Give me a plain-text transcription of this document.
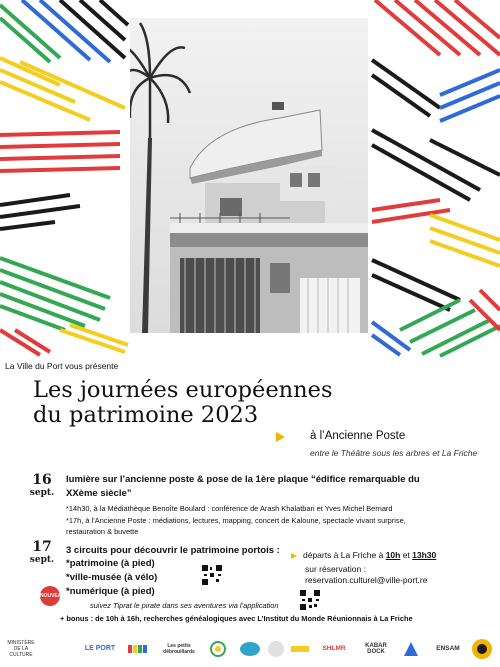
La Ville du Port vous présente
Les journées européennes
du patrimoine 2023
à l’Ancienne Poste
entre le Théâtre sous les arbres et La Friche
16
sept.
lumière sur l’ancienne poste & pose de la 1ère plaque “édifice remarquable du
XXème siècle”
*14h30, à la Médiathèque Benoîte Boulard : conférence de Arash Khalatbari et Yves Michel Bernard
*17h, à l’Ancienne Poste : médiations, lectures, mapping, concert de Kaloune, spectacle vivant surprise,
restauration & buvette
17
sept.
3 circuits pour découvrir le patrimoine portois :
*patrimoine (à pied)
*ville-musée (à vélo)
*numérique (à pied)
suivez Tiprat le pirate dans ses aventures via l’application
+ bonus : de 10h à 16h, recherches généalogiques avec L’Institut du Monde Réunionnais à La Friche
NOUVEAU
départs à La Friche à 10h et 13h30
sur réservation :
reservation.culturel@ville-port.re
MINISTÈRE DE LA CULTURE
LE PORT	Les petits débrouillards	SHLMR	KABAR DOCK	ENSAM
